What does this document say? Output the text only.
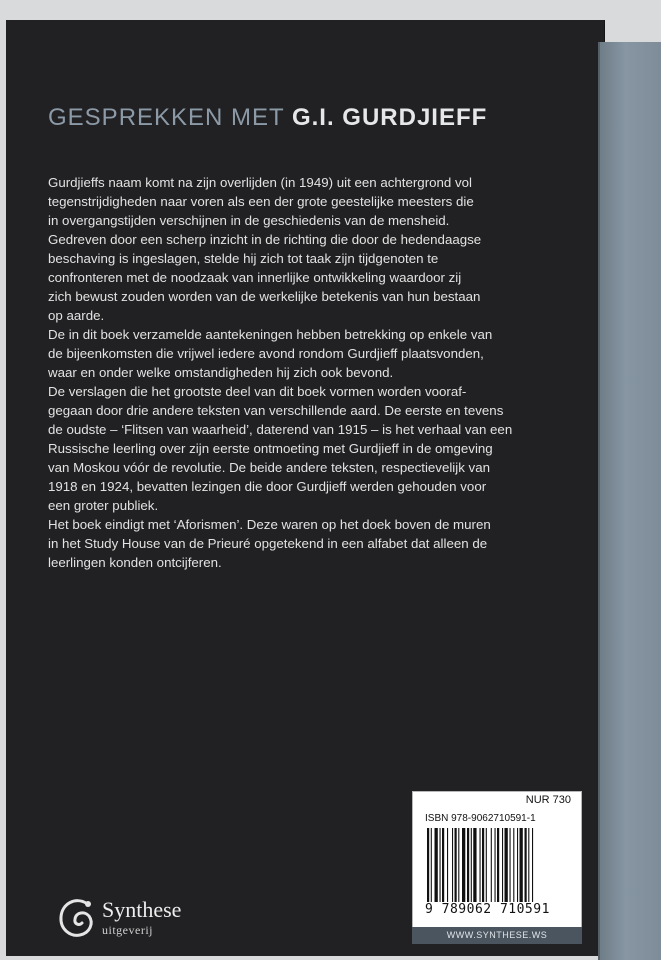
GESPREKKEN MET G.I. GURDJIEFF

Gurdjieffs naam komt na zijn overlijden (in 1949) uit een achtergrond vol
tegenstrijdigheden naar voren als een der grote geestelijke meesters die
in overgangstijden verschijnen in de geschiedenis van de mensheid.
Gedreven door een scherp inzicht in de richting die door de hedendaagse
beschaving is ingeslagen, stelde hij zich tot taak zijn tijdgenoten te
confronteren met de noodzaak van innerlijke ontwikkeling waardoor zij
zich bewust zouden worden van de werkelijke betekenis van hun bestaan
op aarde.

De in dit boek verzamelde aantekeningen hebben betrekking op enkele van
de bijeenkomsten die vrijwel iedere avond rondom Gurdjieff plaatsvonden,
waar en onder welke omstandigheden hij zich ook bevond.

De verslagen die het grootste deel van dit boek vormen worden vooraf-
gegaan door drie andere teksten van verschillende aard. De eerste en tevens
de oudste – ‘Flitsen van waarheid’, daterend van 1915 – is het verhaal van een
Russische leerling over zijn eerste ontmoeting met Gurdjieff in de omgeving
van Moskou vóór de revolutie. De beide andere teksten, respectievelijk van
1918 en 1924, bevatten lezingen die door Gurdjieff werden gehouden voor
een groter publiek.

Het boek eindigt met ‘Aforismen’. Deze waren op het doek boven de muren
in het Study House van de Prieuré opgetekend in een alfabet dat alleen de
leerlingen konden ontcijferen.

Synthese
uitgeverij
NUR 730
ISBN 978-9062710591-1
9 789062 710591
WWW.SYNTHESE.WS
